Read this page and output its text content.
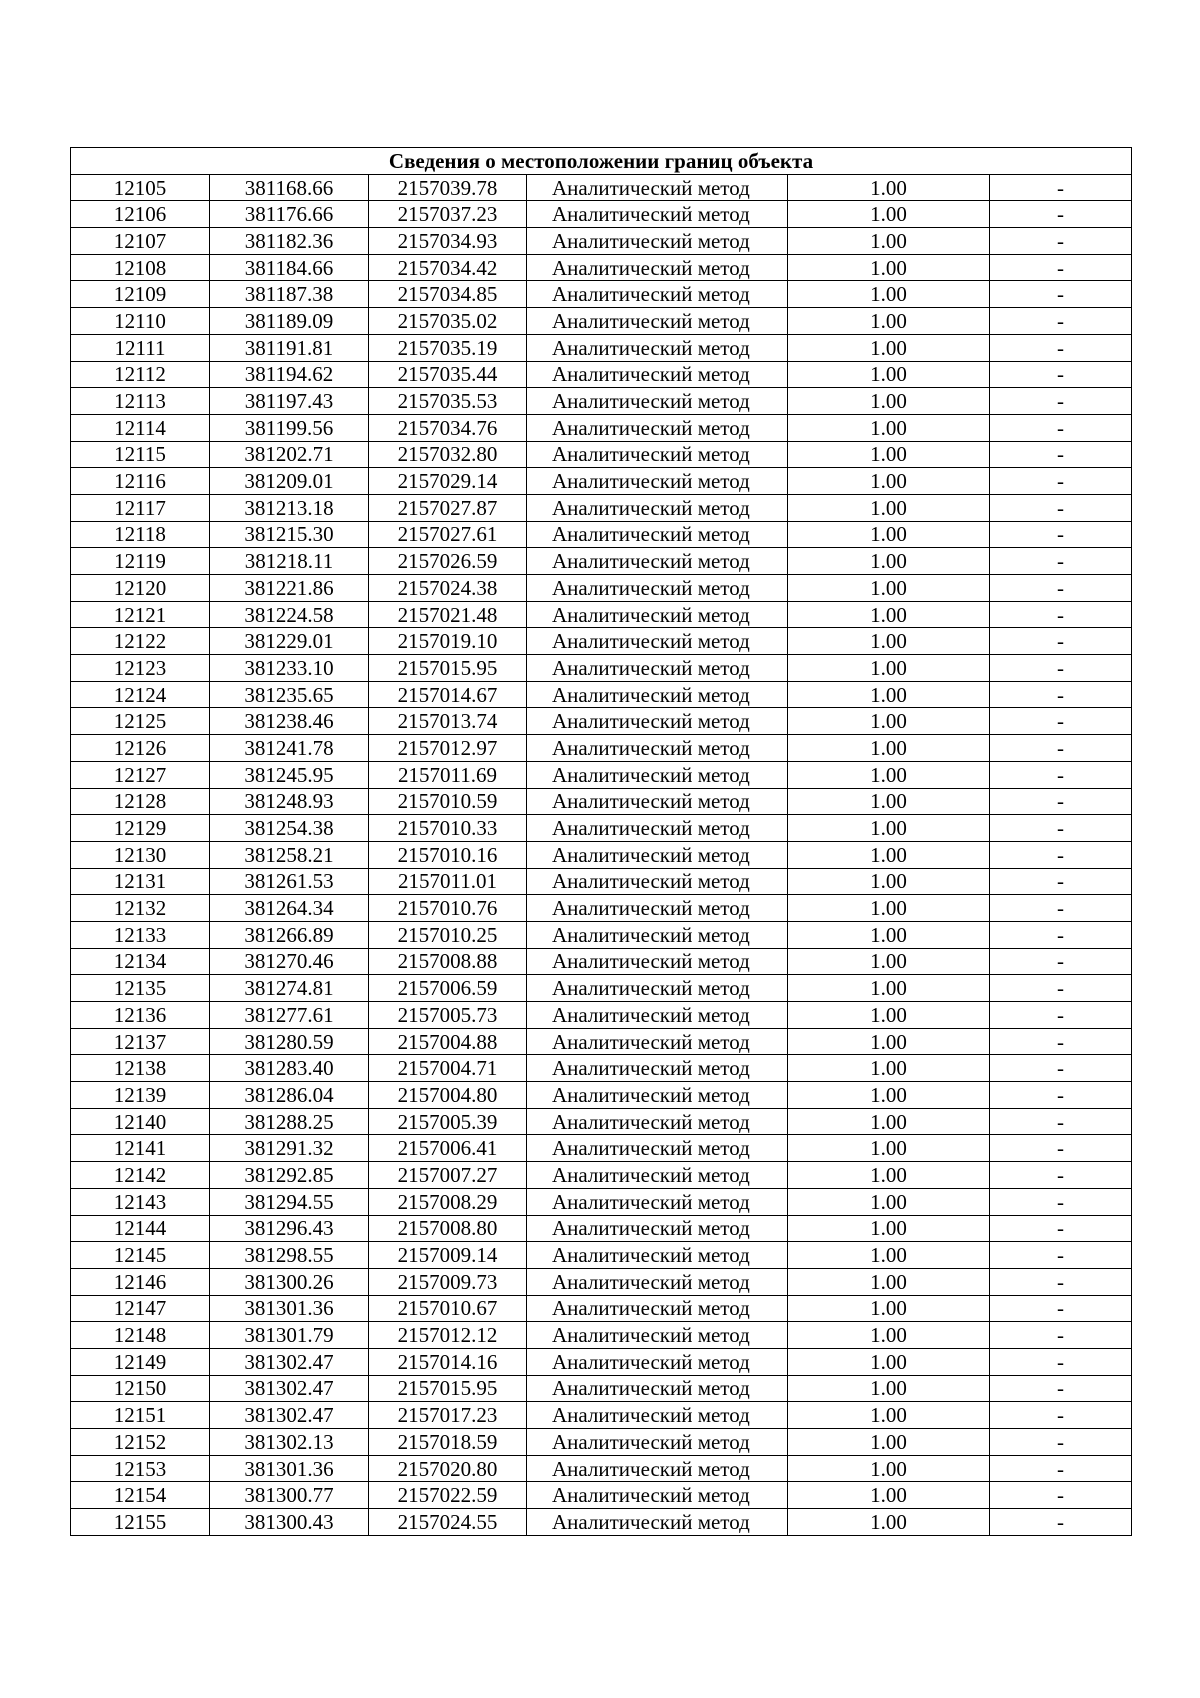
Сведения о местоположении границ объекта					
12105	381168.66	2157039.78	Аналитический метод	1.00	-
12106	381176.66	2157037.23	Аналитический метод	1.00	-
12107	381182.36	2157034.93	Аналитический метод	1.00	-
12108	381184.66	2157034.42	Аналитический метод	1.00	-
12109	381187.38	2157034.85	Аналитический метод	1.00	-
12110	381189.09	2157035.02	Аналитический метод	1.00	-
12111	381191.81	2157035.19	Аналитический метод	1.00	-
12112	381194.62	2157035.44	Аналитический метод	1.00	-
12113	381197.43	2157035.53	Аналитический метод	1.00	-
12114	381199.56	2157034.76	Аналитический метод	1.00	-
12115	381202.71	2157032.80	Аналитический метод	1.00	-
12116	381209.01	2157029.14	Аналитический метод	1.00	-
12117	381213.18	2157027.87	Аналитический метод	1.00	-
12118	381215.30	2157027.61	Аналитический метод	1.00	-
12119	381218.11	2157026.59	Аналитический метод	1.00	-
12120	381221.86	2157024.38	Аналитический метод	1.00	-
12121	381224.58	2157021.48	Аналитический метод	1.00	-
12122	381229.01	2157019.10	Аналитический метод	1.00	-
12123	381233.10	2157015.95	Аналитический метод	1.00	-
12124	381235.65	2157014.67	Аналитический метод	1.00	-
12125	381238.46	2157013.74	Аналитический метод	1.00	-
12126	381241.78	2157012.97	Аналитический метод	1.00	-
12127	381245.95	2157011.69	Аналитический метод	1.00	-
12128	381248.93	2157010.59	Аналитический метод	1.00	-
12129	381254.38	2157010.33	Аналитический метод	1.00	-
12130	381258.21	2157010.16	Аналитический метод	1.00	-
12131	381261.53	2157011.01	Аналитический метод	1.00	-
12132	381264.34	2157010.76	Аналитический метод	1.00	-
12133	381266.89	2157010.25	Аналитический метод	1.00	-
12134	381270.46	2157008.88	Аналитический метод	1.00	-
12135	381274.81	2157006.59	Аналитический метод	1.00	-
12136	381277.61	2157005.73	Аналитический метод	1.00	-
12137	381280.59	2157004.88	Аналитический метод	1.00	-
12138	381283.40	2157004.71	Аналитический метод	1.00	-
12139	381286.04	2157004.80	Аналитический метод	1.00	-
12140	381288.25	2157005.39	Аналитический метод	1.00	-
12141	381291.32	2157006.41	Аналитический метод	1.00	-
12142	381292.85	2157007.27	Аналитический метод	1.00	-
12143	381294.55	2157008.29	Аналитический метод	1.00	-
12144	381296.43	2157008.80	Аналитический метод	1.00	-
12145	381298.55	2157009.14	Аналитический метод	1.00	-
12146	381300.26	2157009.73	Аналитический метод	1.00	-
12147	381301.36	2157010.67	Аналитический метод	1.00	-
12148	381301.79	2157012.12	Аналитический метод	1.00	-
12149	381302.47	2157014.16	Аналитический метод	1.00	-
12150	381302.47	2157015.95	Аналитический метод	1.00	-
12151	381302.47	2157017.23	Аналитический метод	1.00	-
12152	381302.13	2157018.59	Аналитический метод	1.00	-
12153	381301.36	2157020.80	Аналитический метод	1.00	-
12154	381300.77	2157022.59	Аналитический метод	1.00	-
12155	381300.43	2157024.55	Аналитический метод	1.00	-
